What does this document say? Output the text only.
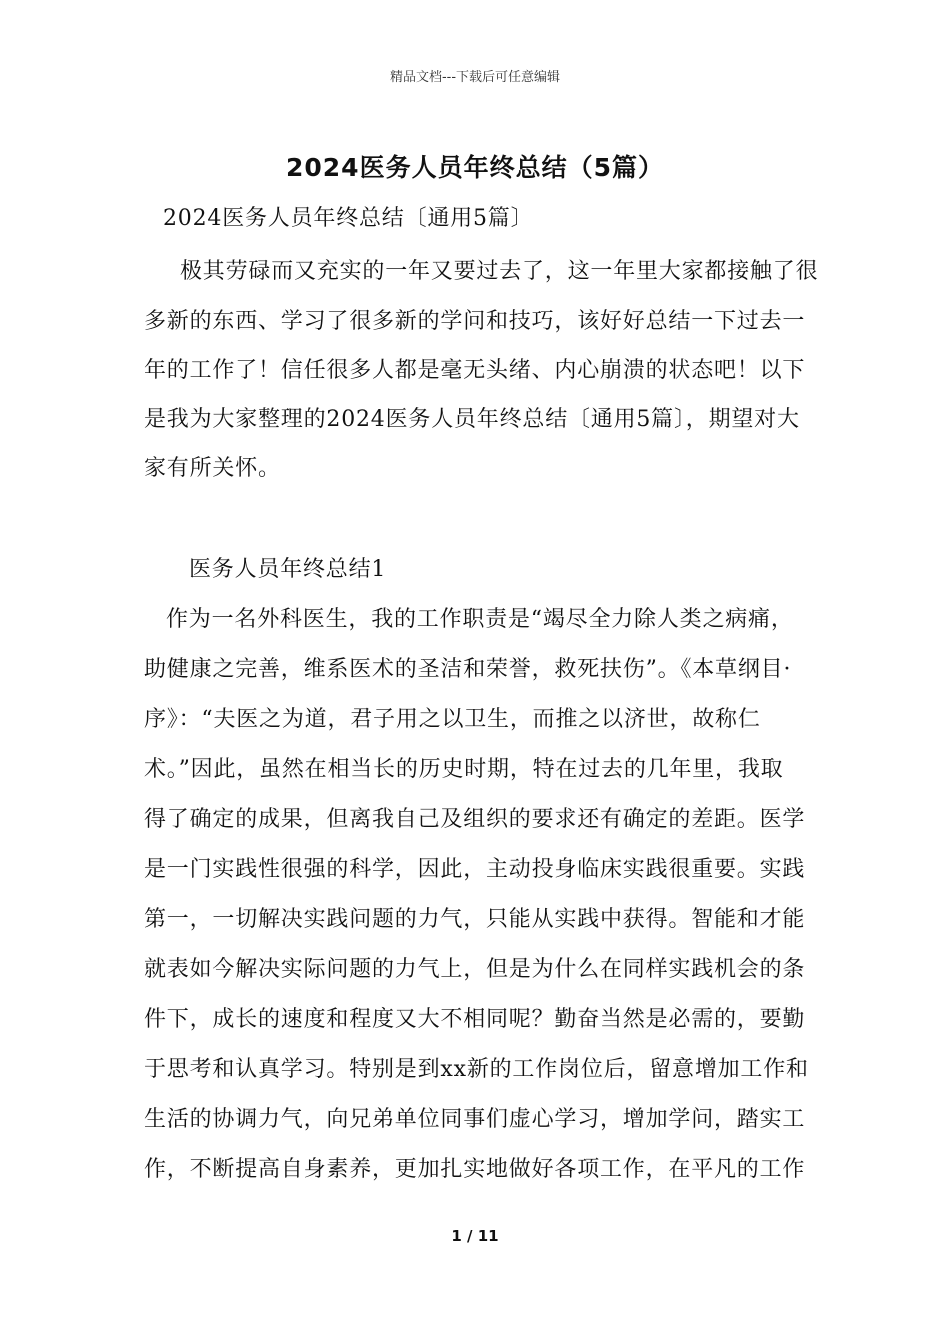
精品文档---下载后可任意编辑
2024医务人员年终总结（5篇）
2024医务人员年终总结〔通用5篇〕
极其劳碌而又充实的一年又要过去了，这一年里大家都接触了很
多新的东西、学习了很多新的学问和技巧，该好好总结一下过去一
年的工作了！信任很多人都是毫无头绪、内心崩溃的状态吧！以下
是我为大家整理的2024医务人员年终总结〔通用5篇〕，期望对大
家有所关怀。
医务人员年终总结1
作为一名外科医生，我的工作职责是“竭尽全力除人类之病痛，
助健康之完善，维系医术的圣洁和荣誉，救死扶伤”。《本草纲目·
序》：“夫医之为道，君子用之以卫生，而推之以济世，故称仁
术。”因此，虽然在相当长的历史时期，特在过去的几年里，我取
得了确定的成果，但离我自己及组织的要求还有确定的差距。医学
是一门实践性很强的科学，因此，主动投身临床实践很重要。实践
第一，一切解决实践问题的力气，只能从实践中获得。智能和才能
就表如今解决实际问题的力气上，但是为什么在同样实践机会的条
件下，成长的速度和程度又大不相同呢？勤奋当然是必需的，要勤
于思考和认真学习。特别是到xx新的工作岗位后，留意增加工作和
生活的协调力气，向兄弟单位同事们虚心学习，增加学问，踏实工
作，不断提高自身素养，更加扎实地做好各项工作，在平凡的工作
1 / 11
